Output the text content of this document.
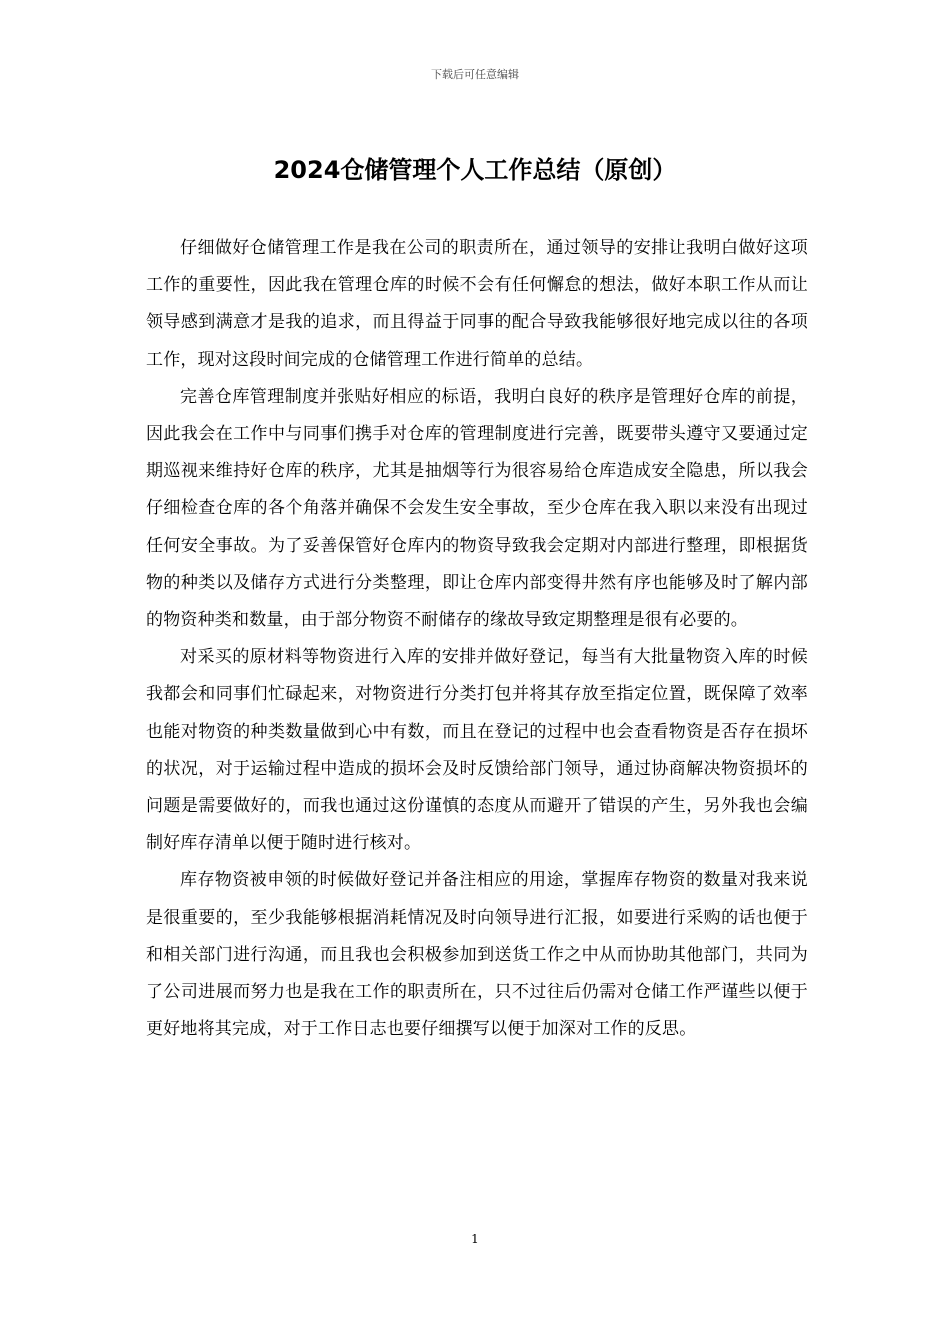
下载后可任意编辑
2024仓储管理个人工作总结（原创）

仔细做好仓储管理工作是我在公司的职责所在，通过领导的安排让我明白做好这项工作的重要性，因此我在管理仓库的时候不会有任何懈怠的想法，做好本职工作从而让领导感到满意才是我的追求，而且得益于同事的配合导致我能够很好地完成以往的各项工作，现对这段时间完成的仓储管理工作进行简单的总结。

完善仓库管理制度并张贴好相应的标语，我明白良好的秩序是管理好仓库的前提，因此我会在工作中与同事们携手对仓库的管理制度进行完善，既要带头遵守又要通过定期巡视来维持好仓库的秩序，尤其是抽烟等行为很容易给仓库造成安全隐患，所以我会仔细检查仓库的各个角落并确保不会发生安全事故，至少仓库在我入职以来没有出现过任何安全事故。为了妥善保管好仓库内的物资导致我会定期对内部进行整理，即根据货物的种类以及储存方式进行分类整理，即让仓库内部变得井然有序也能够及时了解内部的物资种类和数量，由于部分物资不耐储存的缘故导致定期整理是很有必要的。

对采买的原材料等物资进行入库的安排并做好登记，每当有大批量物资入库的时候我都会和同事们忙碌起来，对物资进行分类打包并将其存放至指定位置，既保障了效率也能对物资的种类数量做到心中有数，而且在登记的过程中也会查看物资是否存在损坏的状况，对于运输过程中造成的损坏会及时反馈给部门领导，通过协商解决物资损坏的问题是需要做好的，而我也通过这份谨慎的态度从而避开了错误的产生，另外我也会编制好库存清单以便于随时进行核对。

库存物资被申领的时候做好登记并备注相应的用途，掌握库存物资的数量对我来说是很重要的，至少我能够根据消耗情况及时向领导进行汇报，如要进行采购的话也便于和相关部门进行沟通，而且我也会积极参加到送货工作之中从而协助其他部门，共同为了公司进展而努力也是我在工作的职责所在，只不过往后仍需对仓储工作严谨些以便于更好地将其完成，对于工作日志也要仔细撰写以便于加深对工作的反思。

1
